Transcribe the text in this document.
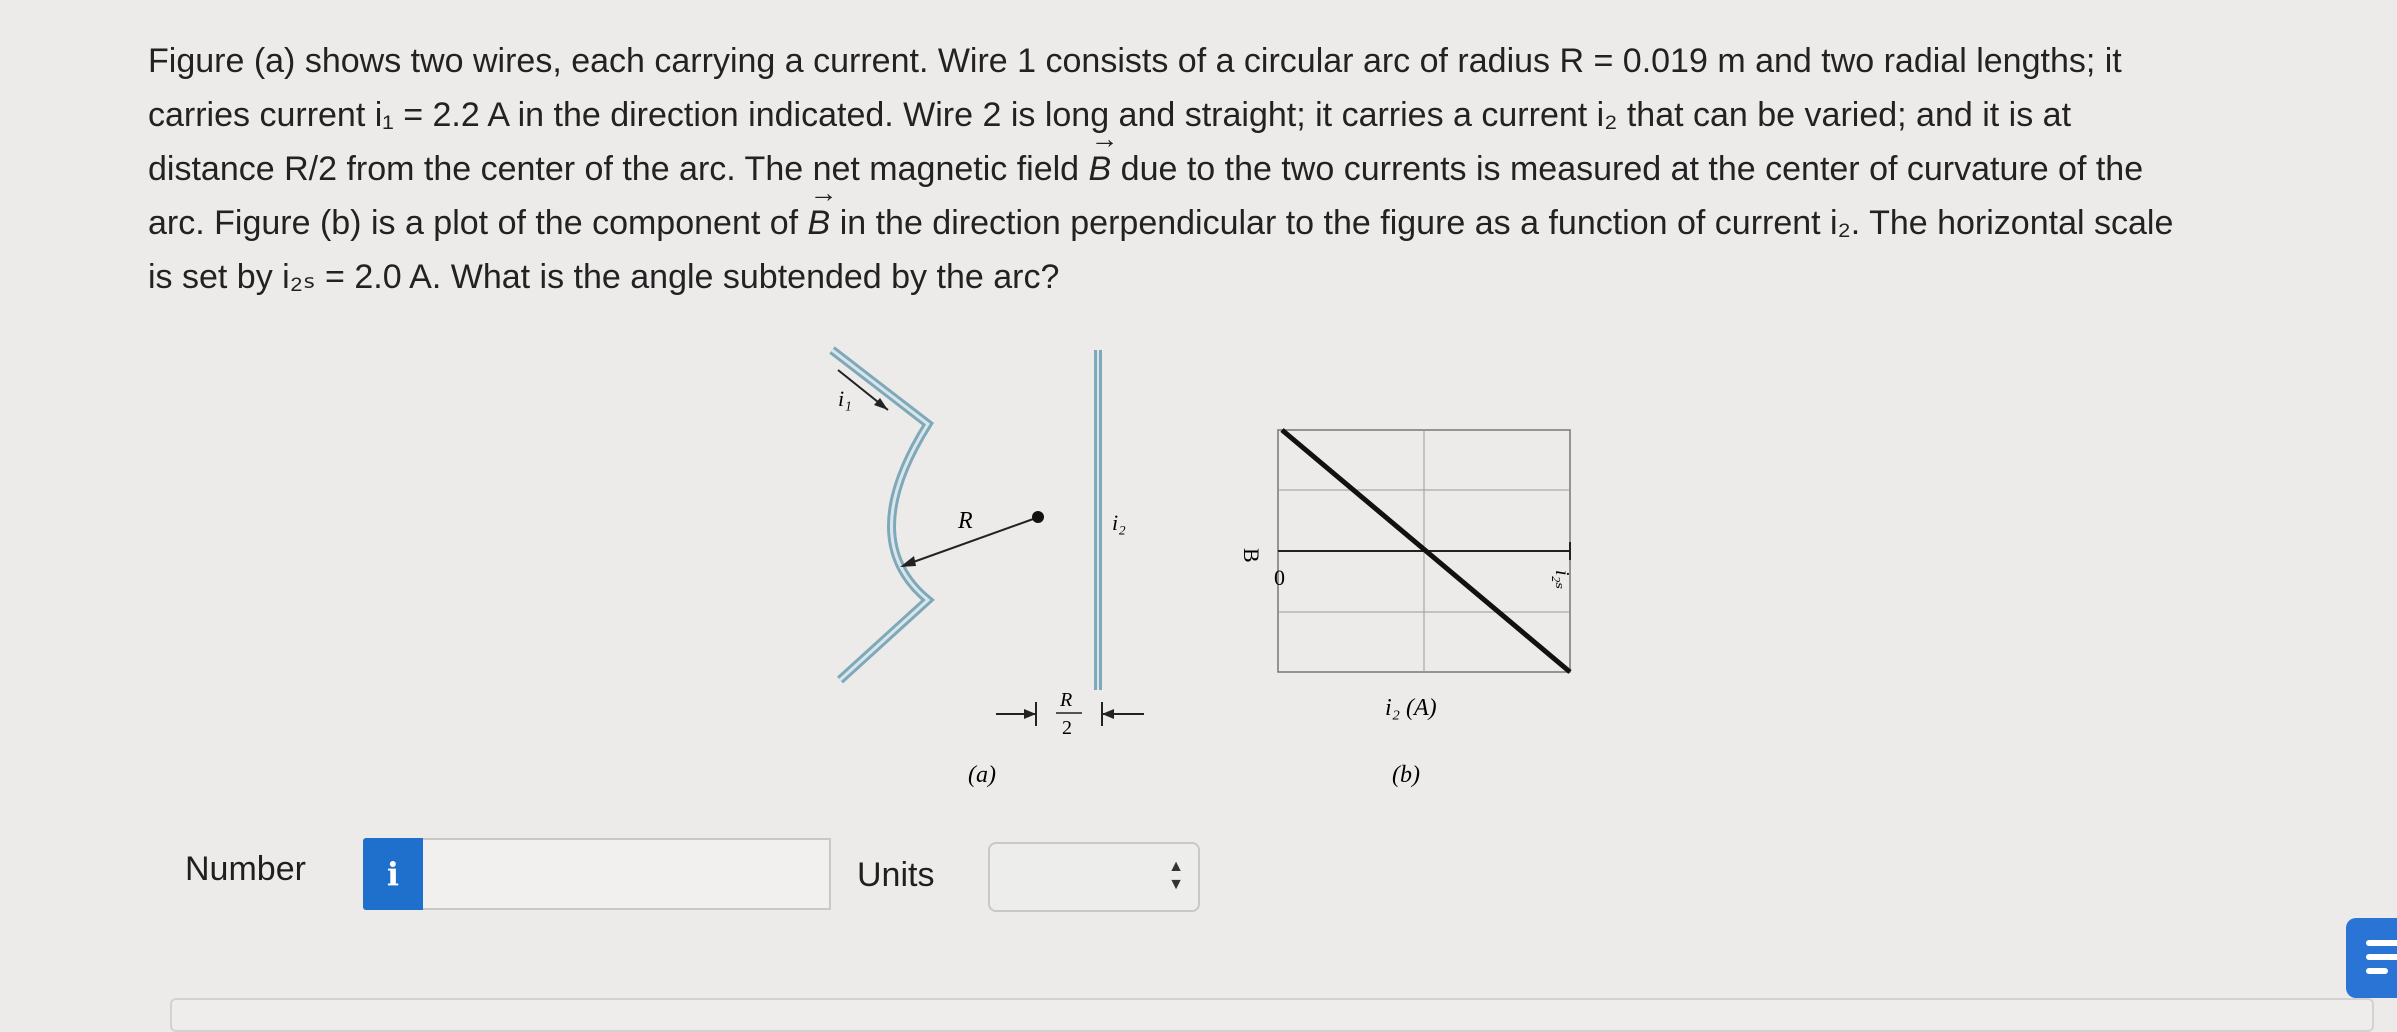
Figure (a) shows two wires, each carrying a current. Wire 1 consists of a circular arc of radius R = 0.019 m and two radial lengths; it
carries current i₁ = 2.2 A in the direction indicated. Wire 2 is long and straight; it carries a current i₂ that can be varied; and it is at
distance R/2 from the center of the arc. The net magnetic field → B due to the two currents is measured at the center of curvature of the
arc. Figure (b) is a plot of the component of → B in the direction perpendicular to the figure as a function of current i₂. The horizontal scale
is set by i₂ₛ = 2.0 A. What is the angle subtended by the arc?
i₁
R	i₂
R
2
(a)
B
0	i₂ₛ
i₂ (A)
(b)
Number	i	Units	▲
▼
